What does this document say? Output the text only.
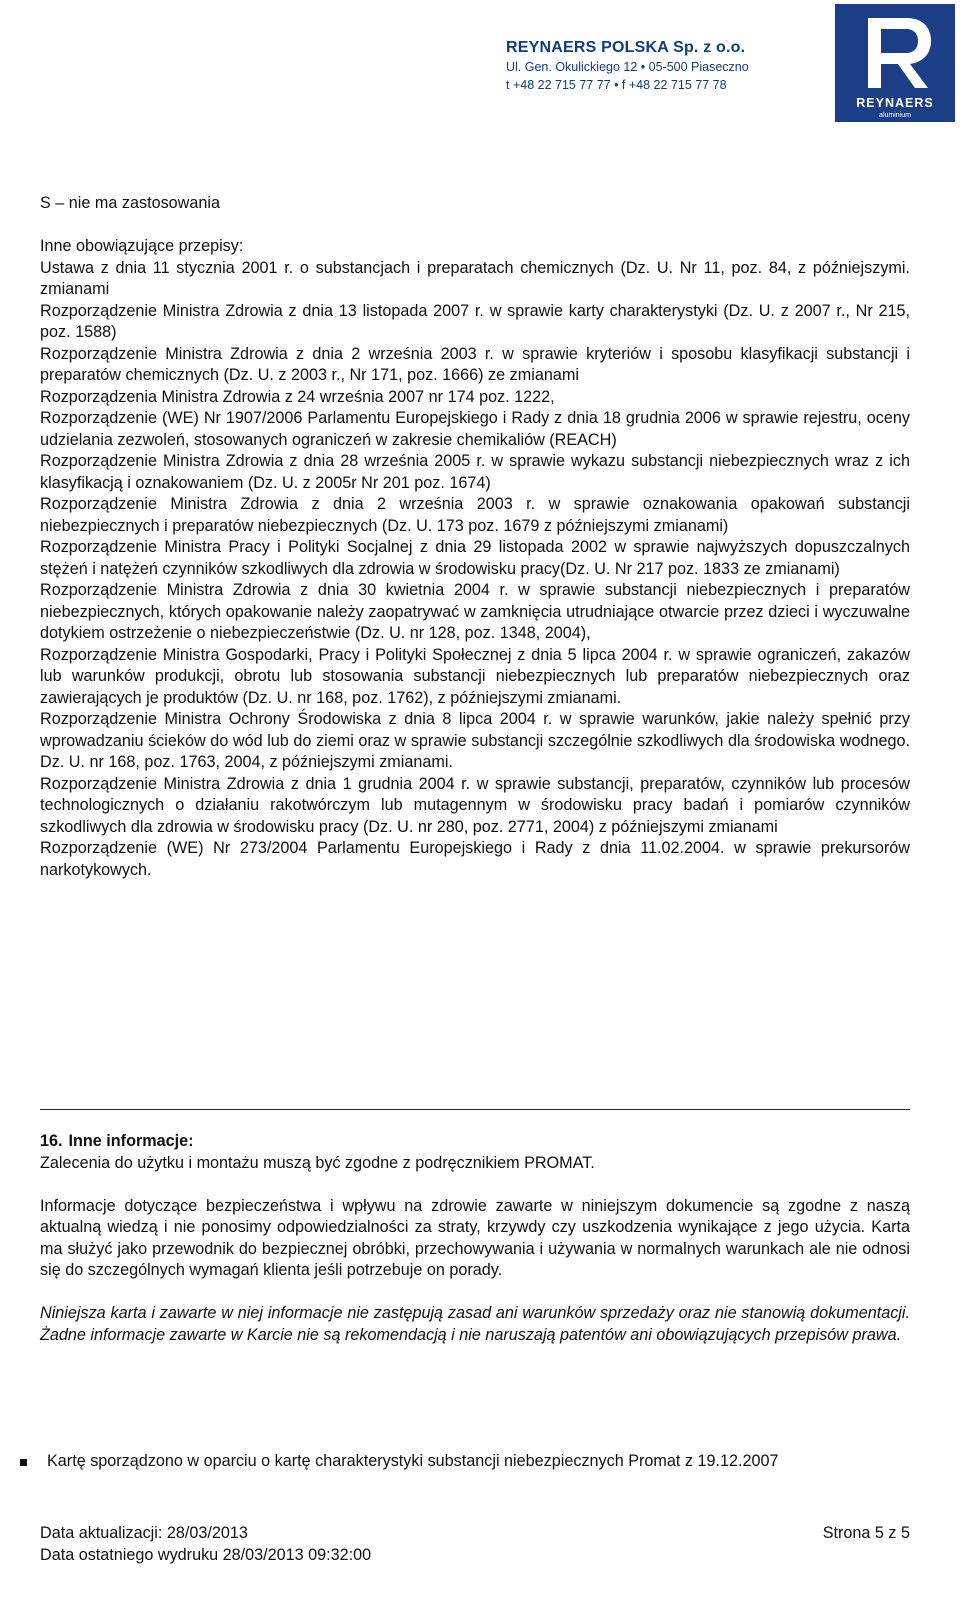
REYNAERS POLSKA Sp. z o.o.
Ul. Gen. Okulickiego 12 • 05-500 Piaseczno
t +48 22 715 77 77 • f +48 22 715 77 78
REYNAERS
aluminium

S – nie ma zastosowania

Inne obowiązujące przepisy:

Ustawa z dnia 11 stycznia 2001 r. o substancjach i preparatach chemicznych (Dz. U. Nr 11, poz. 84, z późniejszymi. zmianami

Rozporządzenie Ministra Zdrowia z dnia 13 listopada 2007 r. w sprawie karty charakterystyki (Dz. U. z 2007 r., Nr 215, poz. 1588)

Rozporządzenie Ministra Zdrowia z dnia 2 września 2003 r. w sprawie kryteriów i sposobu klasyfikacji substancji i preparatów chemicznych (Dz. U. z 2003 r., Nr 171, poz. 1666) ze zmianami

Rozporządzenia Ministra Zdrowia z 24 września 2007 nr 174 poz. 1222,

Rozporządzenie (WE) Nr 1907/2006 Parlamentu Europejskiego i Rady z dnia 18 grudnia 2006 w sprawie rejestru, oceny udzielania zezwoleń, stosowanych ograniczeń w zakresie chemikaliów (REACH)

Rozporządzenie Ministra Zdrowia z dnia 28 września 2005 r. w sprawie wykazu substancji niebezpiecznych wraz z ich klasyfikacją i oznakowaniem (Dz. U. z 2005r Nr 201 poz. 1674)

Rozporządzenie Ministra Zdrowia z dnia 2 września 2003 r. w sprawie oznakowania opakowań substancji niebezpiecznych i preparatów niebezpiecznych (Dz. U. 173 poz. 1679 z późniejszymi zmianami)

Rozporządzenie Ministra Pracy i Polityki Socjalnej z dnia 29 listopada 2002 w sprawie najwyższych dopuszczalnych stężeń i natężeń czynników szkodliwych dla zdrowia w środowisku pracy(Dz. U. Nr 217 poz. 1833 ze zmianami)

Rozporządzenie Ministra Zdrowia z dnia 30 kwietnia 2004 r. w sprawie substancji niebezpiecznych i preparatów niebezpiecznych, których opakowanie należy zaopatrywać w zamknięcia utrudniające otwarcie przez dzieci i wyczuwalne dotykiem ostrzeżenie o niebezpieczeństwie (Dz. U. nr 128, poz. 1348, 2004),

Rozporządzenie Ministra Gospodarki, Pracy i Polityki Społecznej z dnia 5 lipca 2004 r. w sprawie ograniczeń, zakazów lub warunków produkcji, obrotu lub stosowania substancji niebezpiecznych lub preparatów niebezpiecznych oraz zawierających je produktów (Dz. U. nr 168, poz. 1762), z późniejszymi zmianami.

Rozporządzenie Ministra Ochrony Środowiska z dnia 8 lipca 2004 r. w sprawie warunków, jakie należy spełnić przy wprowadzaniu ścieków do wód lub do ziemi oraz w sprawie substancji szczególnie szkodliwych dla środowiska wodnego. Dz. U. nr 168, poz. 1763, 2004, z późniejszymi zmianami.

Rozporządzenie Ministra Zdrowia z dnia 1 grudnia 2004 r. w sprawie substancji, preparatów, czynników lub procesów technologicznych o działaniu rakotwórczym lub mutagennym w środowisku pracy badań i pomiarów czynników szkodliwych dla zdrowia w środowisku pracy (Dz. U. nr 280, poz. 2771, 2004) z późniejszymi zmianami

Rozporządzenie (WE) Nr 273/2004 Parlamentu Europejskiego i Rady z dnia 11.02.2004. w sprawie prekursorów narkotykowych.

16. Inne informacje:

Zalecenia do użytku i montażu muszą być zgodne z podręcznikiem PROMAT.

Informacje dotyczące bezpieczeństwa i wpływu na zdrowie zawarte w niniejszym dokumencie są zgodne z naszą aktualną wiedzą i nie ponosimy odpowiedzialności za straty, krzywdy czy uszkodzenia wynikające z jego użycia. Karta ma służyć jako przewodnik do bezpiecznej obróbki, przechowywania i używania w normalnych warunkach ale nie odnosi się do szczególnych wymagań klienta jeśli potrzebuje on porady.

Niniejsza karta i zawarte w niej informacje nie zastępują zasad ani warunków sprzedaży oraz nie stanowią dokumentacji. Żadne informacje zawarte w Karcie nie są rekomendacją i nie naruszają patentów ani obowiązujących przepisów prawa.

Kartę sporządzono w oparciu o kartę charakterystyki substancji niebezpiecznych Promat z 19.12.2007

Data aktualizacji: 28/03/2013	Strona 5 z 5
Data ostatniego wydruku 28/03/2013 09:32:00
